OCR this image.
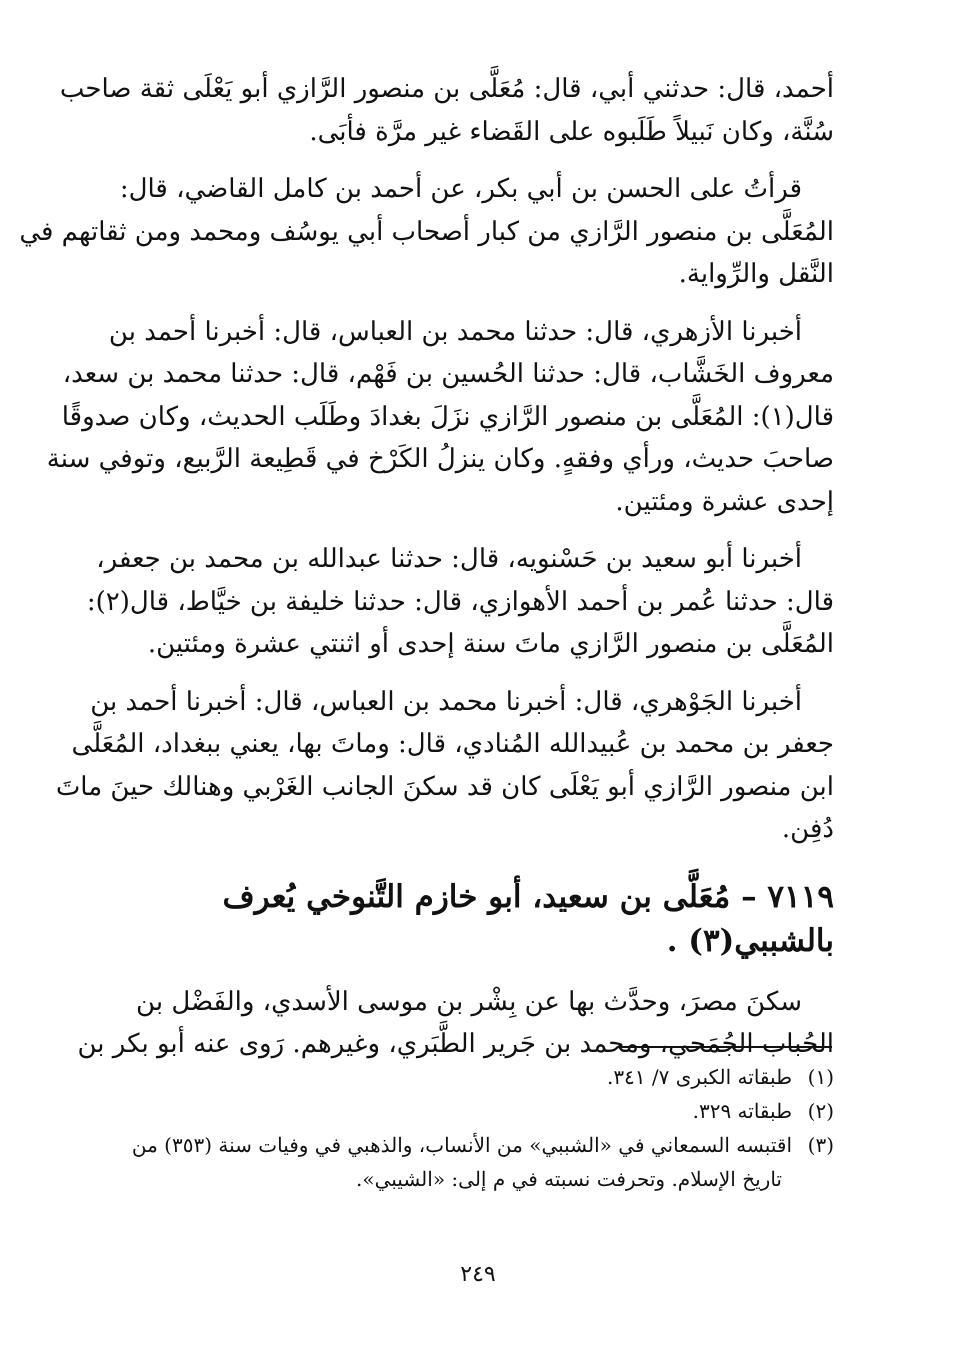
أحمد، قال: حدثني أبي، قال: مُعَلَّى بن منصور الرَّازي أبو يَعْلَى ثقة صاحب
سُنَّة، وكان نَبيلاً طَلَبوه على القَضاء غير مرَّة فأبَى.
قرأتُ على الحسن بن أبي بكر، عن أحمد بن كامل القاضي، قال:
المُعَلَّى بن منصور الرَّازي من كبار أصحاب أبي يوسُف ومحمد ومن ثقاتهم في
النَّقل والرِّواية.
أخبرنا الأزهري، قال: حدثنا محمد بن العباس، قال: أخبرنا أحمد بن
معروف الخَشَّاب، قال: حدثنا الحُسين بن فَهْم، قال: حدثنا محمد بن سعد،
قال(١): المُعَلَّى بن منصور الرَّازي نزَلَ بغدادَ وطَلَب الحديث، وكان صدوقًا
صاحبَ حديث، ورأي وفقهٍ. وكان ينزلُ الكَرْخ في قَطِيعة الرَّبيع، وتوفي سنة
إحدى عشرة ومئتين.
أخبرنا أبو سعيد بن حَسْنويه، قال: حدثنا عبدالله بن محمد بن جعفر،
قال: حدثنا عُمر بن أحمد الأهوازي، قال: حدثنا خليفة بن خيَّاط، قال(٢):
المُعَلَّى بن منصور الرَّازي ماتَ سنة إحدى أو اثنتي عشرة ومئتين.
أخبرنا الجَوْهري، قال: أخبرنا محمد بن العباس، قال: أخبرنا أحمد بن
جعفر بن محمد بن عُبيدالله المُنادي، قال: وماتَ بها، يعني ببغداد، المُعَلَّى
ابن منصور الرَّازي أبو يَعْلَى كان قد سكنَ الجانب الغَرْبي وهنالك حينَ ماتَ
دُفِن.
٧١١٩ – مُعَلَّى بن سعيد، أبو خازم التَّنوخي يُعرف بالشببي(٣) .
سكنَ مصرَ، وحدَّث بها عن بِشْر بن موسى الأسدي، والفَضْل بن
الحُباب الجُمَحي، ومحمد بن جَرير الطَّبَري، وغيرهم. رَوى عنه أبو بكر بن
(١)طبقاته الكبرى ٧/ ٣٤١.
(٢)طبقاته ٣٢٩.
(٣)اقتبسه السمعاني في «الشببي» من الأنساب، والذهبي في وفيات سنة (٣٥٣) من
تاريخ الإسلام. وتحرفت نسبته في م إلى: «الشيبي».
٢٤٩
